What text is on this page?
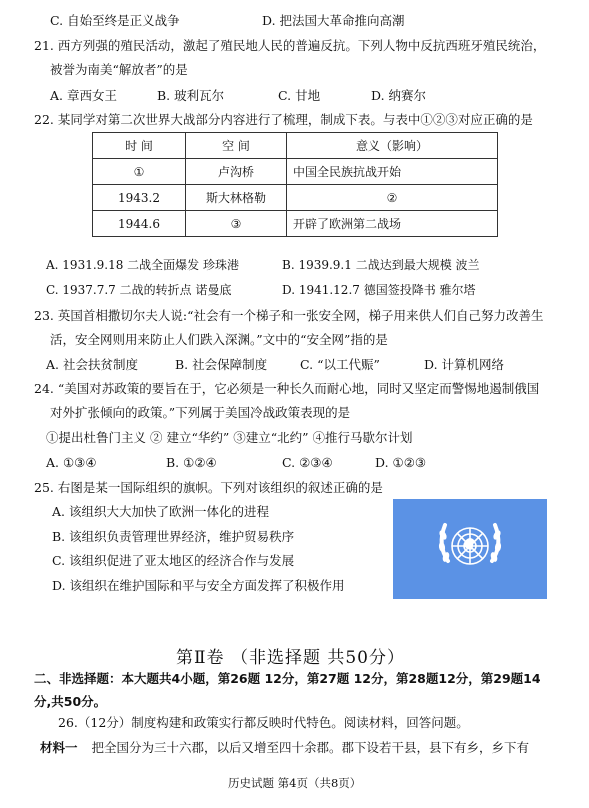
C. 自始至终是正义战争	D. 把法国大革命推向高潮
21. 西方列强的殖民活动，激起了殖民地人民的普遍反抗。下列人物中反抗西班牙殖民统治，
被誉为南美“解放者”的是
A. 章西女王	B. 玻利瓦尔	C. 甘地	D. 纳赛尔
22. 某同学对第二次世界大战部分内容进行了梳理，制成下表。与表中①②③对应正确的是
时 间	空 间	意义（影响）
①	卢沟桥	中国全民族抗战开始
1943.2	斯大林格勒	②
1944.6	③	开辟了欧洲第二战场
A. 1931.9.18 二战全面爆发 珍珠港	B. 1939.9.1 二战达到最大规模 波兰
C. 1937.7.7 二战的转折点 诺曼底	D. 1941.12.7 德国签投降书 雅尔塔
23. 英国首相撒切尔夫人说:“社会有一个梯子和一张安全网，梯子用来供人们自己努力改善生
活，安全网则用来防止人们跌入深渊。”文中的“安全网”指的是
A. 社会扶贫制度	B. 社会保障制度	C. “以工代赈”	D. 计算机网络
24. “美国对苏政策的要旨在于，它必须是一种长久而耐心地，同时又坚定而警惕地遏制俄国
对外扩张倾向的政策。”下列属于美国冷战政策表现的是
①提出杜鲁门主义 ② 建立“华约” ③建立“北约” ④推行马歇尔计划
A. ①③④	B. ①②④	C. ②③④	D. ①②③
25. 右图是某一国际组织的旗帜。下列对该组织的叙述正确的是
A. 该组织大大加快了欧洲一体化的进程
B. 该组织负责管理世界经济，维护贸易秩序
C. 该组织促进了亚太地区的经济合作与发展
D. 该组织在维护国际和平与安全方面发挥了积极作用
第Ⅱ卷 （非选择题 共50分）
二、非选择题：本大题共4小题，第26题 12分，第27题 12分，第28题12分，第29题14
分,共50分。
26.（12分）制度构建和政策实行都反映时代特色。阅读材料，回答问题。
材料一 把全国分为三十六郡，以后又增至四十余郡。郡下设若干县，县下有乡，乡下有
历史试题 第4页（共8页）
